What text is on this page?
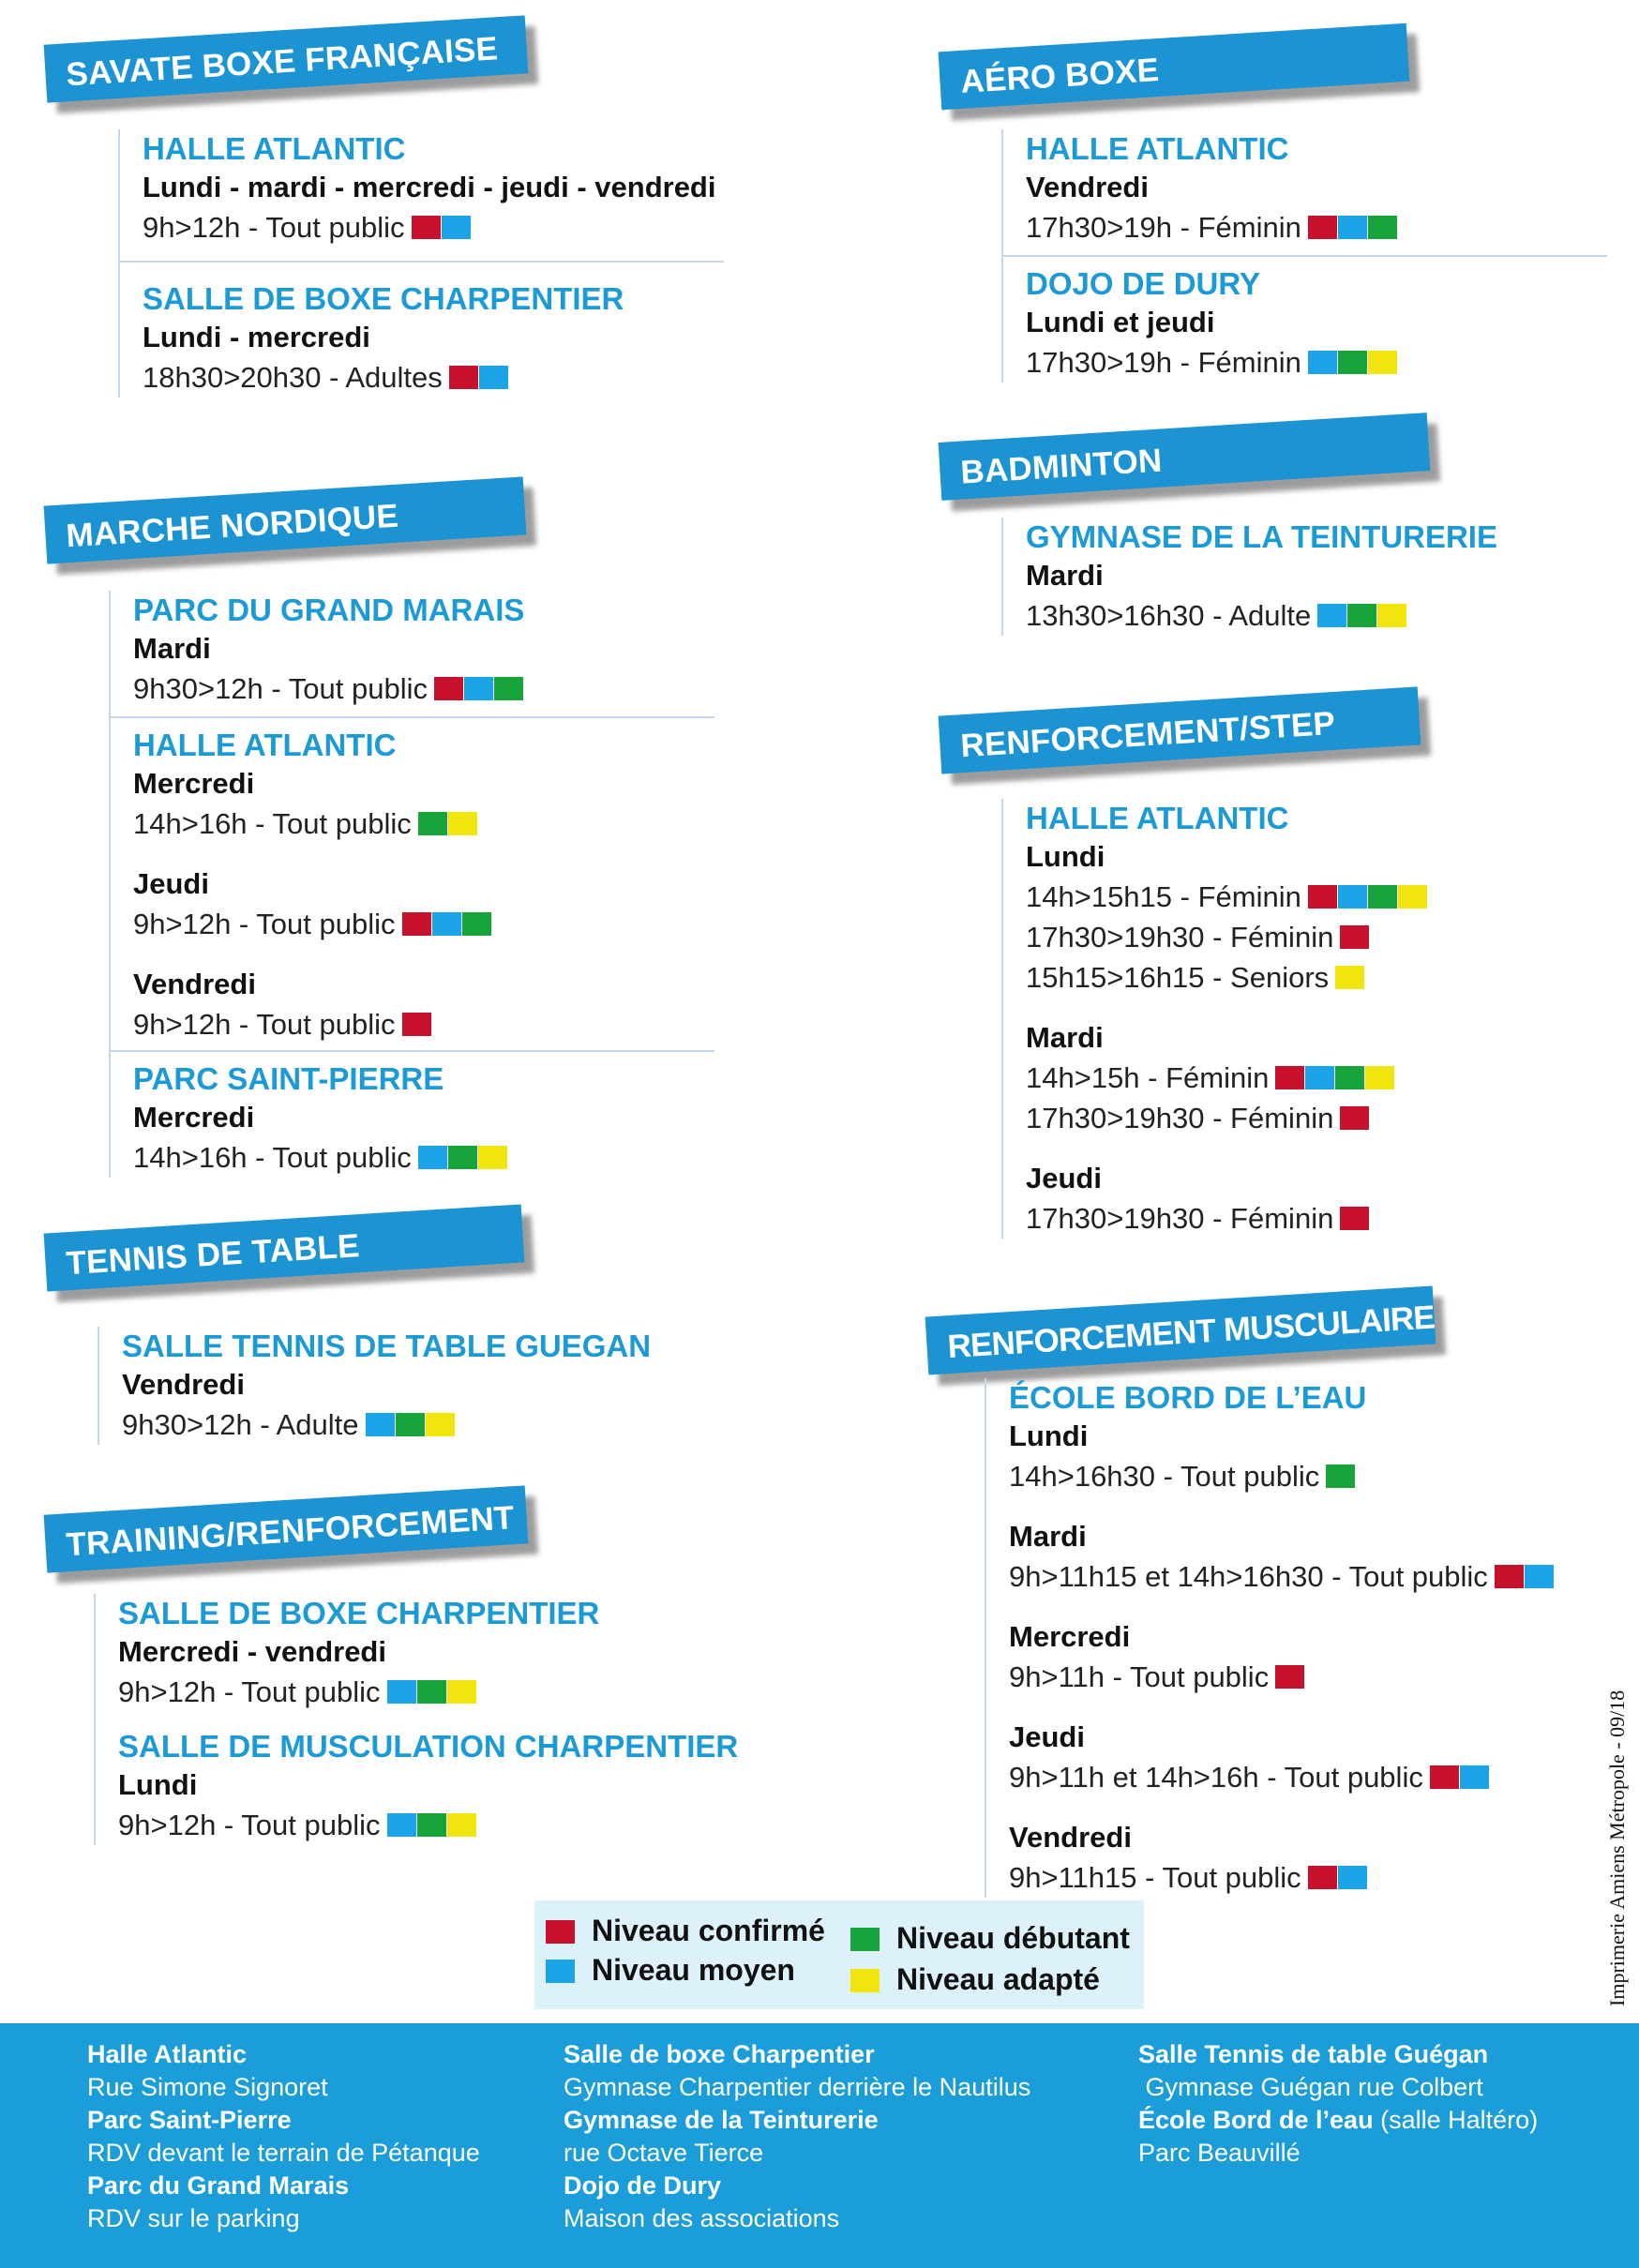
SAVATE BOXE FRANÇAISE
HALLE ATLANTIC
Lundi - mardi - mercredi - jeudi - vendredi
9h>12h - Tout public
SALLE DE BOXE CHARPENTIER
Lundi - mercredi
18h30>20h30 - Adultes
MARCHE NORDIQUE
PARC DU GRAND MARAIS
Mardi
9h30>12h - Tout public
HALLE ATLANTIC
Mercredi
14h>16h - Tout public
Jeudi
9h>12h - Tout public
Vendredi
9h>12h - Tout public
PARC SAINT-PIERRE
Mercredi
14h>16h - Tout public
TENNIS DE TABLE
SALLE TENNIS DE TABLE GUEGAN
Vendredi
9h30>12h - Adulte
TRAINING/RENFORCEMENT
SALLE DE BOXE CHARPENTIER
Mercredi - vendredi
9h>12h - Tout public
SALLE DE MUSCULATION CHARPENTIER
Lundi
9h>12h - Tout public
AÉRO BOXE
HALLE ATLANTIC
Vendredi
17h30>19h - Féminin
DOJO DE DURY
Lundi et jeudi
17h30>19h - Féminin
BADMINTON
GYMNASE DE LA TEINTURERIE
Mardi
13h30>16h30 - Adulte
RENFORCEMENT/STEP
HALLE ATLANTIC
Lundi
14h>15h15 - Féminin
17h30>19h30 - Féminin
15h15>16h15 - Seniors
Mardi
14h>15h - Féminin
17h30>19h30 - Féminin
Jeudi
17h30>19h30 - Féminin
RENFORCEMENT MUSCULAIRE
ÉCOLE BORD DE L’EAU
Lundi
14h>16h30 - Tout public
Mardi
9h>11h15 et 14h>16h30 - Tout public
Mercredi
9h>11h - Tout public
Jeudi
9h>11h et 14h>16h - Tout public
Vendredi
9h>11h15 - Tout public
Niveau confirmé
Niveau moyen
Niveau débutant
Niveau adapté	Imprimerie Amiens Métropole - 09/18
Halle Atlantic
Rue Simone Signoret
Parc Saint-Pierre
RDV devant le terrain de Pétanque
Parc du Grand Marais
RDV sur le parking
Salle de boxe Charpentier
Gymnase Charpentier derrière le Nautilus
Gymnase de la Teinturerie
rue Octave Tierce
Dojo de Dury
Maison des associations
Salle Tennis de table Guégan
Gymnase Guégan rue Colbert
École Bord de l’eau (salle Haltéro)
Parc Beauvillé
